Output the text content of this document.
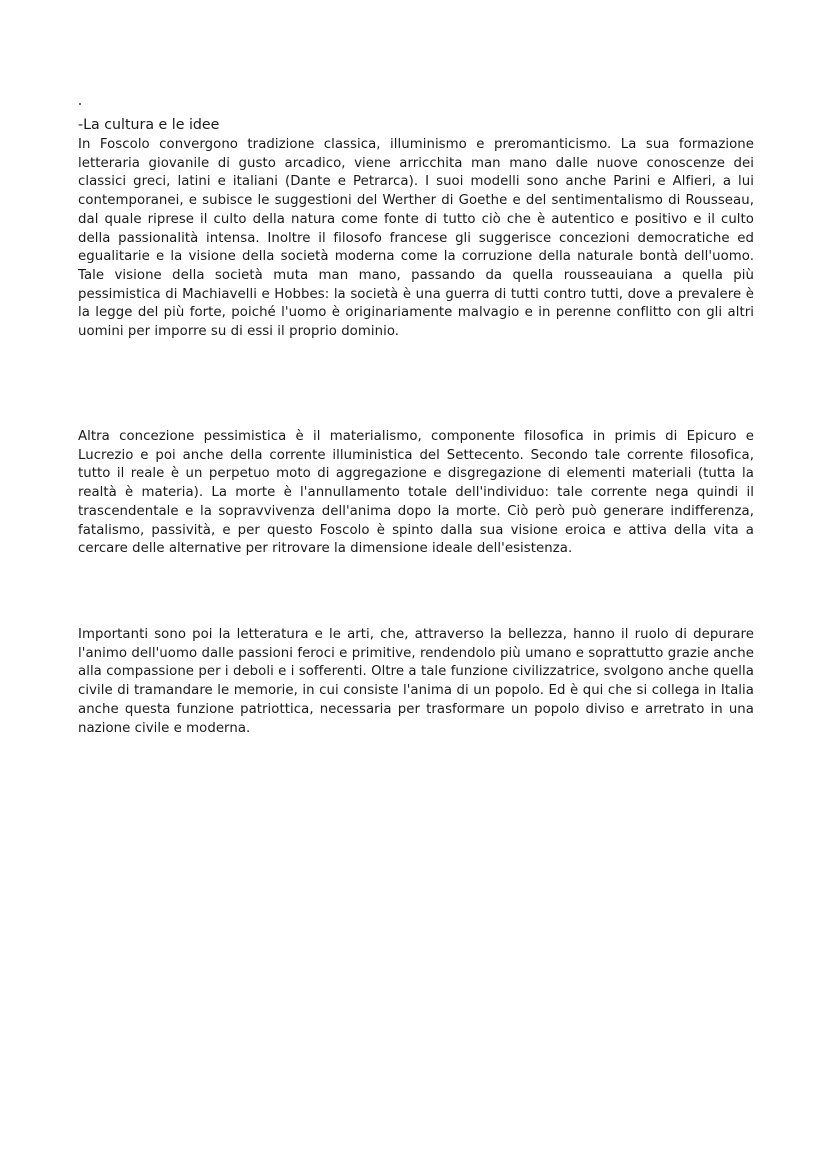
-La cultura e le idee

In Foscolo convergono tradizione classica, illuminismo e preromanticismo. La sua formazione letteraria giovanile di gusto arcadico, viene arricchita man mano dalle nuove conoscenze dei classici greci, latini e italiani (Dante e Petrarca). I suoi modelli sono anche Parini e Alfieri, a lui contemporanei, e subisce le suggestioni del Werther di Goethe e del sentimentalismo di Rousseau, dal quale riprese il culto della natura come fonte di tutto ciò che è autentico e positivo e il culto della passionalità intensa. Inoltre il filosofo francese gli suggerisce concezioni democratiche ed egualitarie e la visione della società moderna come la corruzione della naturale bontà dell'uomo. Tale visione della società muta man mano, passando da quella rousseauiana a quella più pessimistica di Machiavelli e Hobbes: la società è una guerra di tutti contro tutti, dove a prevalere è la legge del più forte, poiché l'uomo è originariamente malvagio e in perenne conflitto con gli altri uomini per imporre su di essi il proprio dominio.

Altra concezione pessimistica è il materialismo, componente filosofica in primis di Epicuro e Lucrezio e poi anche della corrente illuministica del Settecento. Secondo tale corrente filosofica, tutto il reale è un perpetuo moto di aggregazione e disgregazione di elementi materiali (tutta la realtà è materia). La morte è l'annullamento totale dell'individuo: tale corrente nega quindi il trascendentale e la sopravvivenza dell'anima dopo la morte. Ciò però può generare indifferenza, fatalismo, passività, e per questo Foscolo è spinto dalla sua visione eroica e attiva della vita a cercare delle alternative per ritrovare la dimensione ideale dell'esistenza.

Importanti sono poi la letteratura e le arti, che, attraverso la bellezza, hanno il ruolo di depurare l'animo dell'uomo dalle passioni feroci e primitive, rendendolo più umano e soprattutto grazie anche alla compassione per i deboli e i sofferenti. Oltre a tale funzione civilizzatrice, svolgono anche quella civile di tramandare le memorie, in cui consiste l'anima di un popolo. Ed è qui che si collega in Italia anche questa funzione patriottica, necessaria per trasformare un popolo diviso e arretrato in una nazione civile e moderna.
